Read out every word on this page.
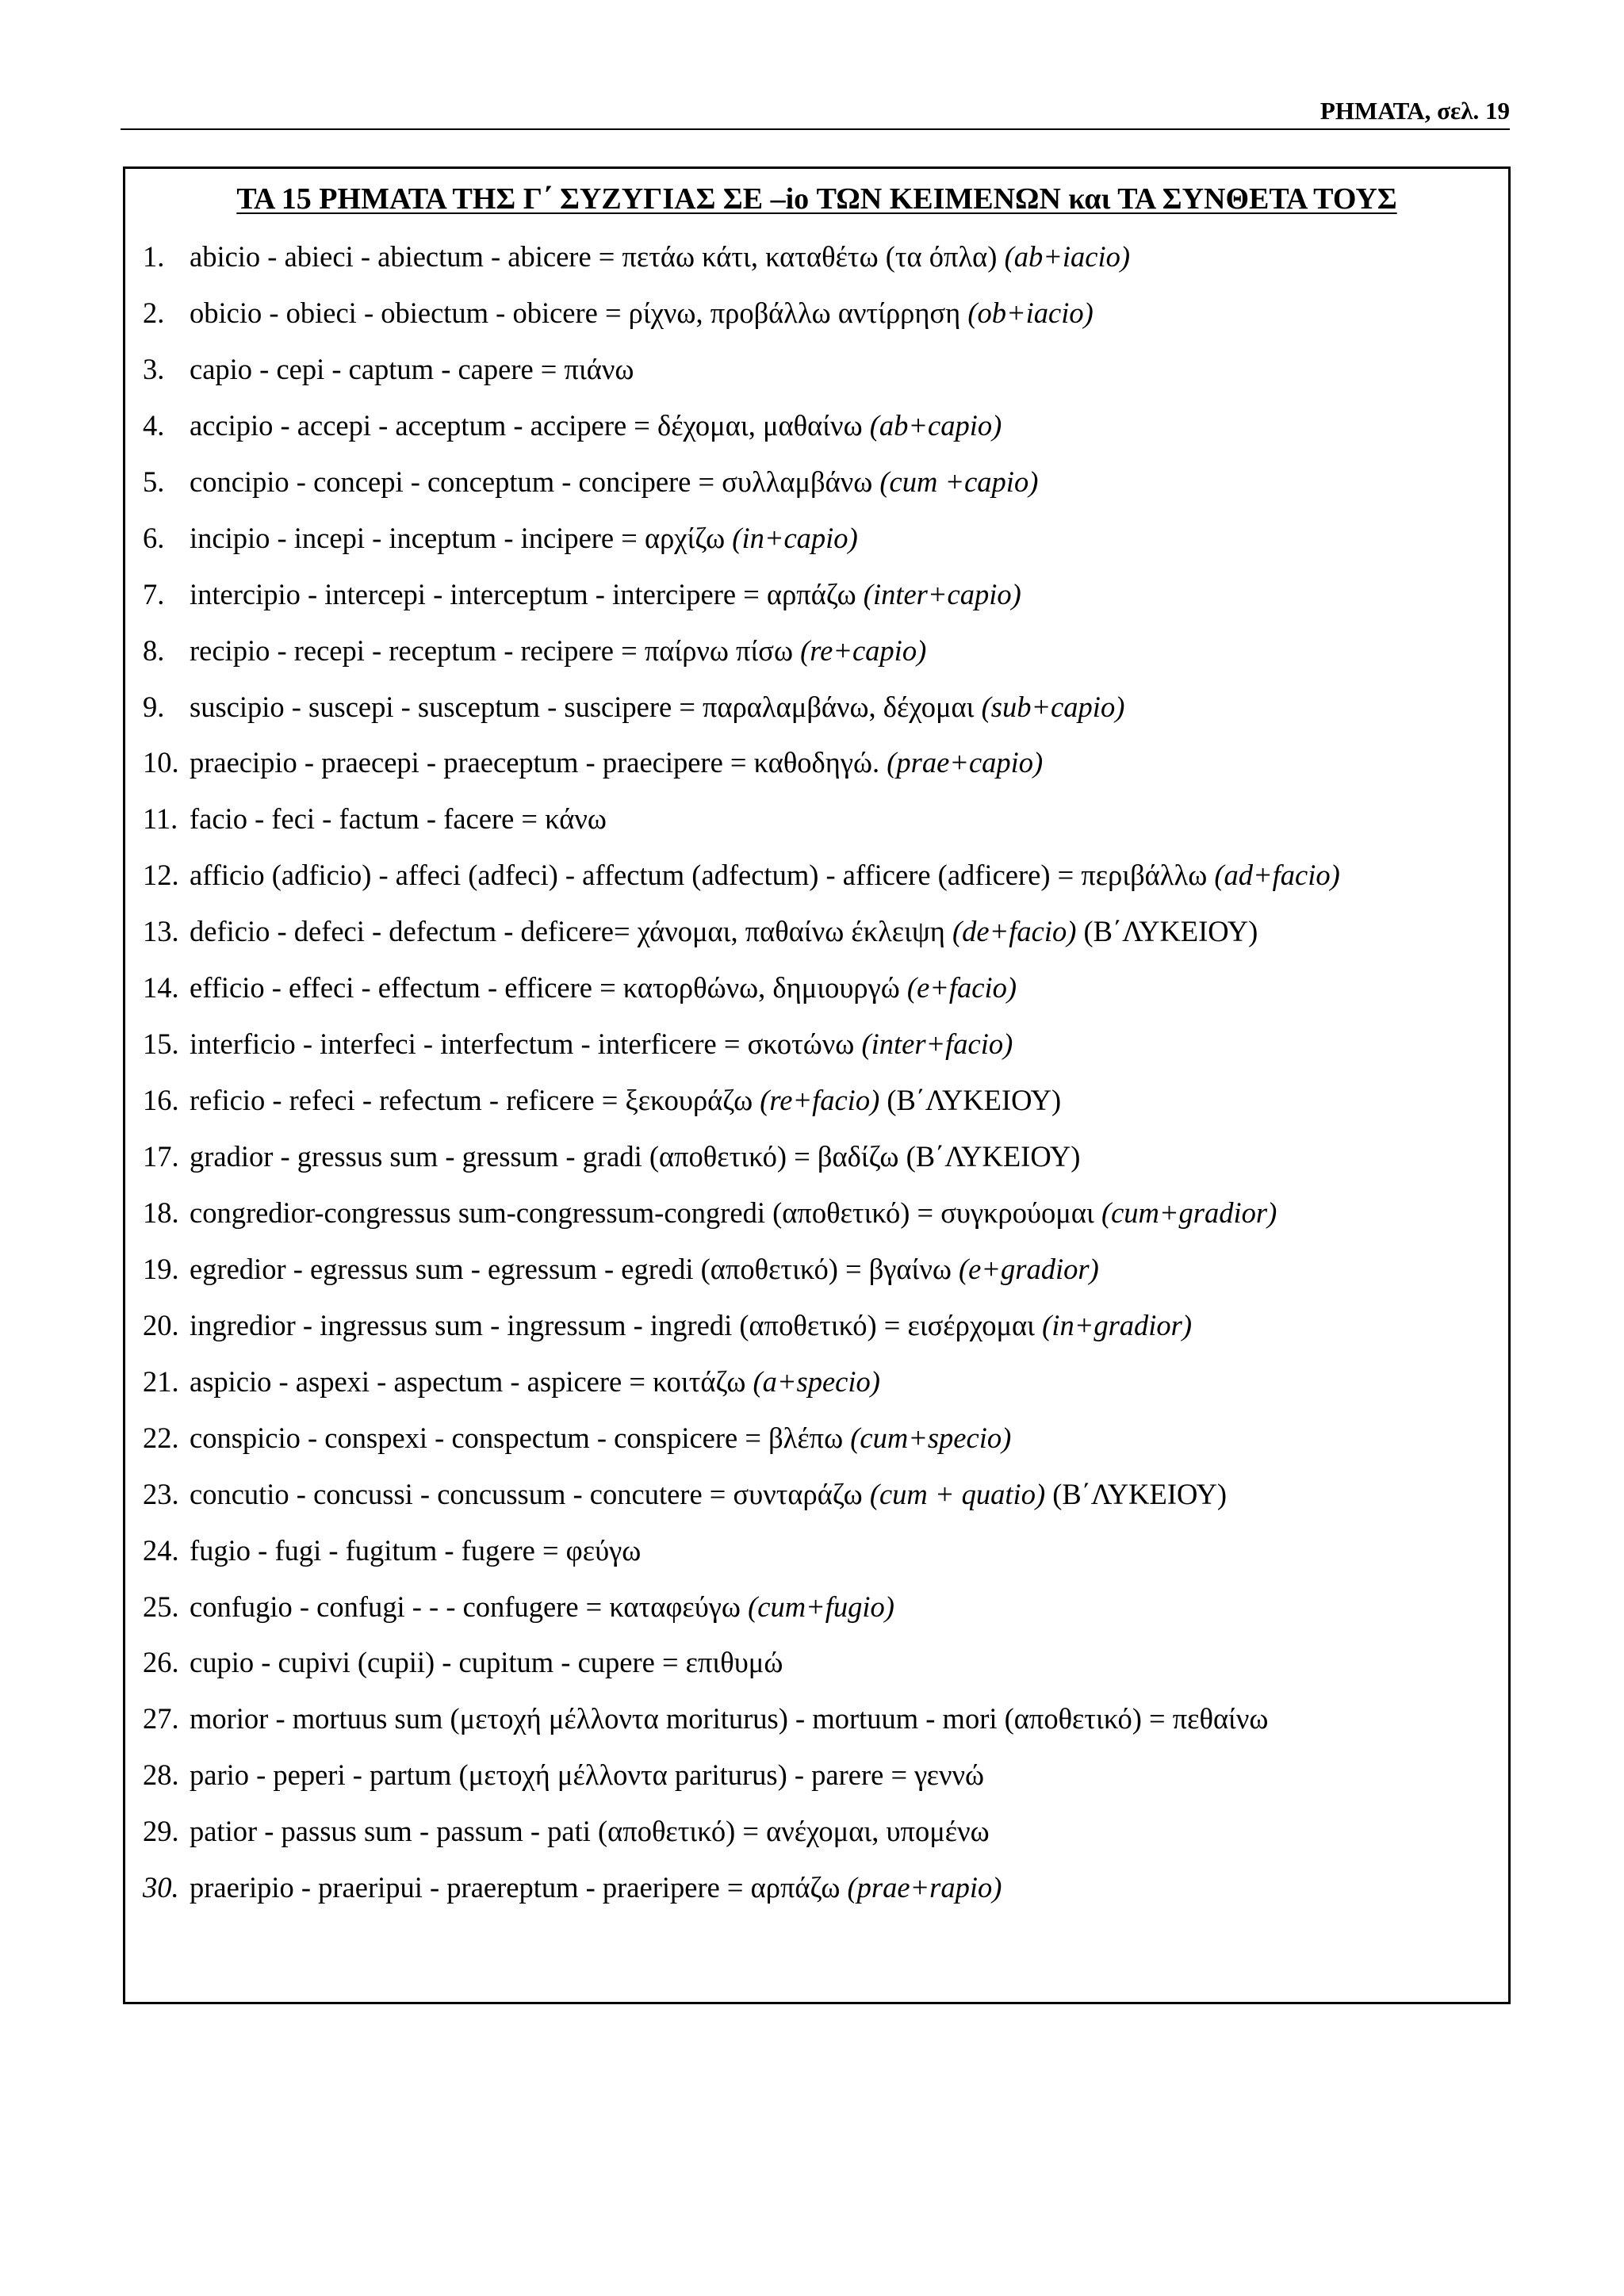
ΡΗΜΑΤΑ, σελ. 19
ΤΑ 15 ΡΗΜΑΤΑ ΤΗΣ Γ΄ ΣΥΖΥΓΙΑΣ ΣΕ –io ΤΩΝ ΚΕΙΜΕΝΩΝ και ΤΑ ΣΥΝΘΕΤΑ ΤΟΥΣ
1. abicio - abieci - abiectum - abicere = πετάω κάτι, καταθέτω (τα όπλα) (ab+iacio)
2. obicio - obieci - obiectum - obicere = ρίχνω, προβάλλω αντίρρηση (ob+iacio)
3. capio - cepi - captum - capere = πιάνω
4. accipio - accepi - acceptum - accipere = δέχομαι, μαθαίνω (ab+capio)
5. concipio - concepi - conceptum - concipere = συλλαμβάνω (cum +capio)
6. incipio - incepi - inceptum - incipere = αρχίζω (in+capio)
7. intercipio - intercepi - interceptum - intercipere = αρπάζω (inter+capio)
8. recipio - recepi - receptum - recipere = παίρνω πίσω (re+capio)
9. suscipio - suscepi - susceptum - suscipere = παραλαμβάνω, δέχομαι (sub+capio)
10. praecipio - praecepi - praeceptum - praecipere = καθοδηγώ. (prae+capio)
11. facio - feci - factum - facere = κάνω
12. afficio (adficio) - affeci (adfeci) - affectum (adfectum) - afficere (adficere) = περιβάλλω (ad+facio)
13. deficio - defeci - defectum - deficere= χάνομαι, παθαίνω έκλειψη (de+facio) (Β΄ΛΥΚΕΙΟΥ)
14. efficio - effeci - effectum - efficere = κατορθώνω, δημιουργώ (e+facio)
15. interficio - interfeci - interfectum - interficere = σκοτώνω (inter+facio)
16. reficio - refeci - refectum - reficere = ξεκουράζω (re+facio) (Β΄ΛΥΚΕΙΟΥ)
17. gradior - gressus sum - gressum - gradi (αποθετικό) = βαδίζω (Β΄ΛΥΚΕΙΟΥ)
18. congredior-congressus sum-congressum-congredi (αποθετικό) = συγκρούομαι (cum+gradior)
19. egredior - egressus sum - egressum - egredi (αποθετικό) = βγαίνω (e+gradior)
20. ingredior - ingressus sum - ingressum - ingredi (αποθετικό) = εισέρχομαι (in+gradior)
21. aspicio - aspexi - aspectum - aspicere = κοιτάζω (a+specio)
22. conspicio - conspexi - conspectum - conspicere = βλέπω (cum+specio)
23. concutio - concussi - concussum - concutere = συνταράζω (cum + quatio) (Β΄ΛΥΚΕΙΟΥ)
24. fugio - fugi - fugitum - fugere = φεύγω
25. confugio - confugi - - - confugere = καταφεύγω (cum+fugio)
26. cupio - cupivi (cupii) - cupitum - cupere = επιθυμώ
27. morior - mortuus sum (μετοχή μέλλοντα moriturus) - mortuum - mori (αποθετικό) = πεθαίνω
28. pario - peperi - partum (μετοχή μέλλοντα pariturus) - parere = γεννώ
29. patior - passus sum - passum - pati (αποθετικό) = ανέχομαι, υπομένω
30. praeripio - praeripui - praereptum - praeripere = αρπάζω (prae+rapio)
